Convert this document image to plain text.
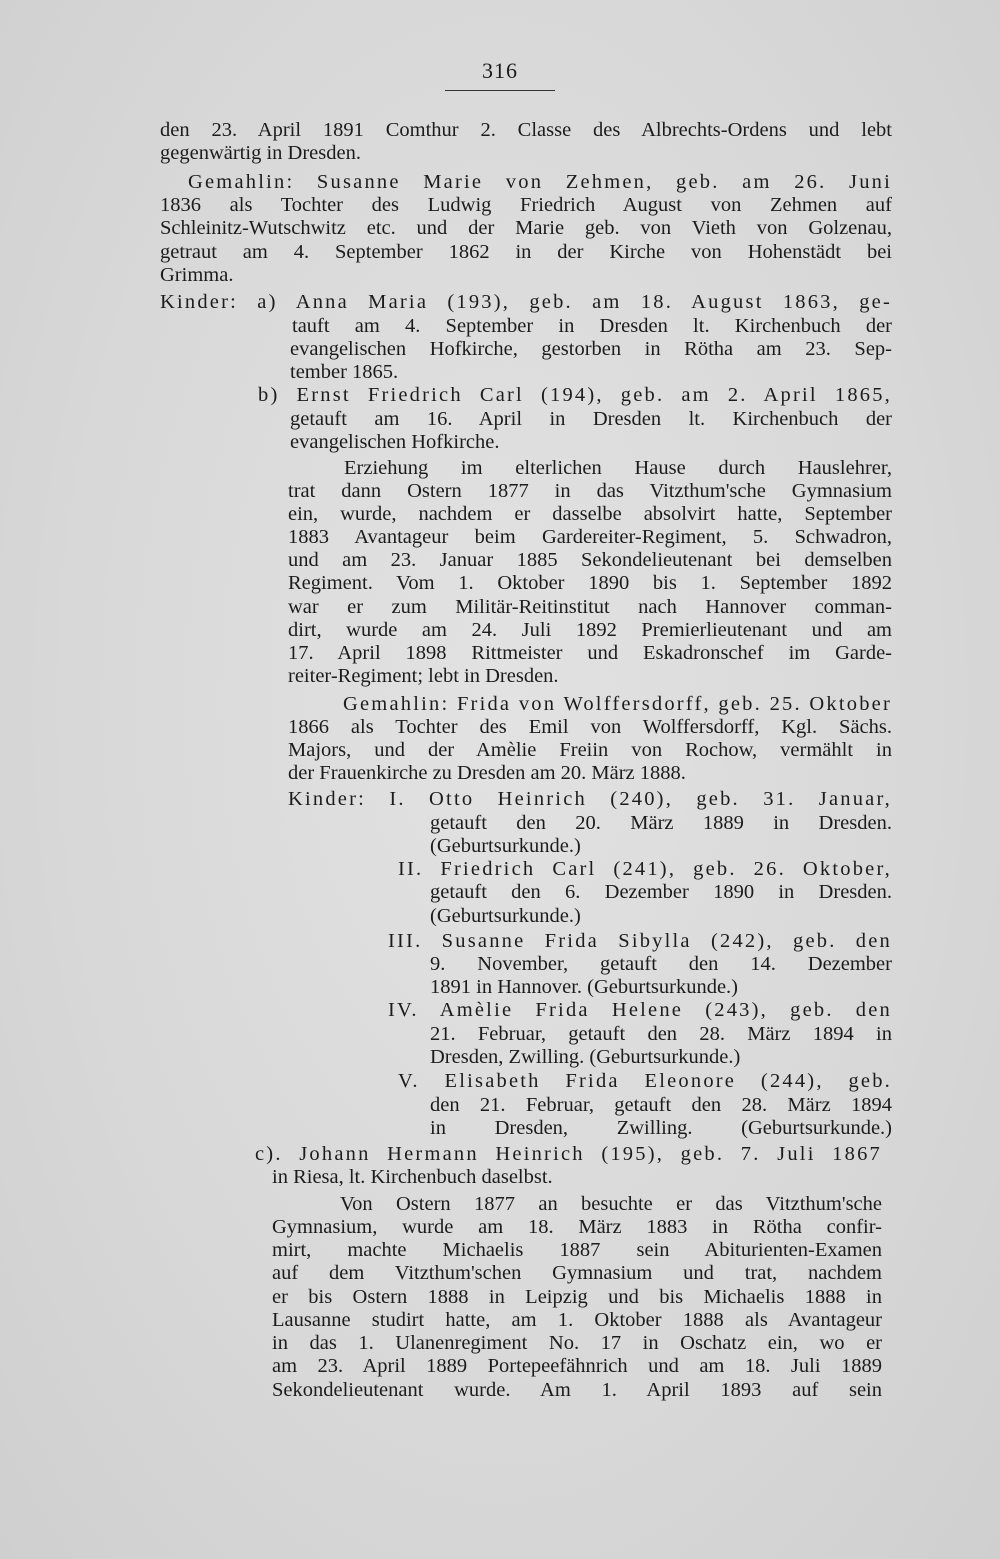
316
den 23. April 1891 Comthur 2. Classe des Albrechts-Ordens und lebt
gegenwärtig in Dresden.
Gemahlin: Susanne Marie von Zehmen, geb. am 26. Juni
1836 als Tochter des Ludwig Friedrich August von Zehmen auf
Schleinitz-Wutschwitz etc. und der Marie geb. von Vieth von Golzenau,
getraut am 4. September 1862 in der Kirche von Hohenstädt bei
Grimma.
Kinder: a) Anna Maria (193), geb. am 18. August 1863, ge-
tauft am 4. September in Dresden lt. Kirchenbuch der
evangelischen Hofkirche, gestorben in Rötha am 23. Sep-
tember 1865.
b) Ernst Friedrich Carl (194), geb. am 2. April 1865,
getauft am 16. April in Dresden lt. Kirchenbuch der
evangelischen Hofkirche.
Erziehung im elterlichen Hause durch Hauslehrer,
trat dann Ostern 1877 in das Vitzthum'sche Gymnasium
ein, wurde, nachdem er dasselbe absolvirt hatte, September
1883 Avantageur beim Gardereiter-Regiment, 5. Schwadron,
und am 23. Januar 1885 Sekondelieutenant bei demselben
Regiment. Vom 1. Oktober 1890 bis 1. September 1892
war er zum Militär-Reitinstitut nach Hannover comman-
dirt, wurde am 24. Juli 1892 Premierlieutenant und am
17. April 1898 Rittmeister und Eskadronschef im Garde-
reiter-Regiment; lebt in Dresden.
Gemahlin: Frida von Wolffersdorff, geb. 25. Oktober
1866 als Tochter des Emil von Wolffersdorff, Kgl. Sächs.
Majors, und der Amèlie Freiin von Rochow, vermählt in
der Frauenkirche zu Dresden am 20. März 1888.
Kinder: I. Otto Heinrich (240), geb. 31. Januar,
getauft den 20. März 1889 in Dresden.
(Geburtsurkunde.)
II. Friedrich Carl (241), geb. 26. Oktober,
getauft den 6. Dezember 1890 in Dresden.
(Geburtsurkunde.)
III. Susanne Frida Sibylla (242), geb. den
9. November, getauft den 14. Dezember
1891 in Hannover. (Geburtsurkunde.)
IV. Amèlie Frida Helene (243), geb. den
21. Februar, getauft den 28. März 1894 in
Dresden, Zwilling. (Geburtsurkunde.)
V. Elisabeth Frida Eleonore (244), geb.
den 21. Februar, getauft den 28. März 1894
in Dresden, Zwilling. (Geburtsurkunde.)
c). Johann Hermann Heinrich (195), geb. 7. Juli 1867
in Riesa, lt. Kirchenbuch daselbst.
Von Ostern 1877 an besuchte er das Vitzthum'sche
Gymnasium, wurde am 18. März 1883 in Rötha confir-
mirt, machte Michaelis 1887 sein Abiturienten-Examen
auf dem Vitzthum'schen Gymnasium und trat, nachdem
er bis Ostern 1888 in Leipzig und bis Michaelis 1888 in
Lausanne studirt hatte, am 1. Oktober 1888 als Avantageur
in das 1. Ulanenregiment No. 17 in Oschatz ein, wo er
am 23. April 1889 Portepeefähnrich und am 18. Juli 1889
Sekondelieutenant wurde. Am 1. April 1893 auf sein
